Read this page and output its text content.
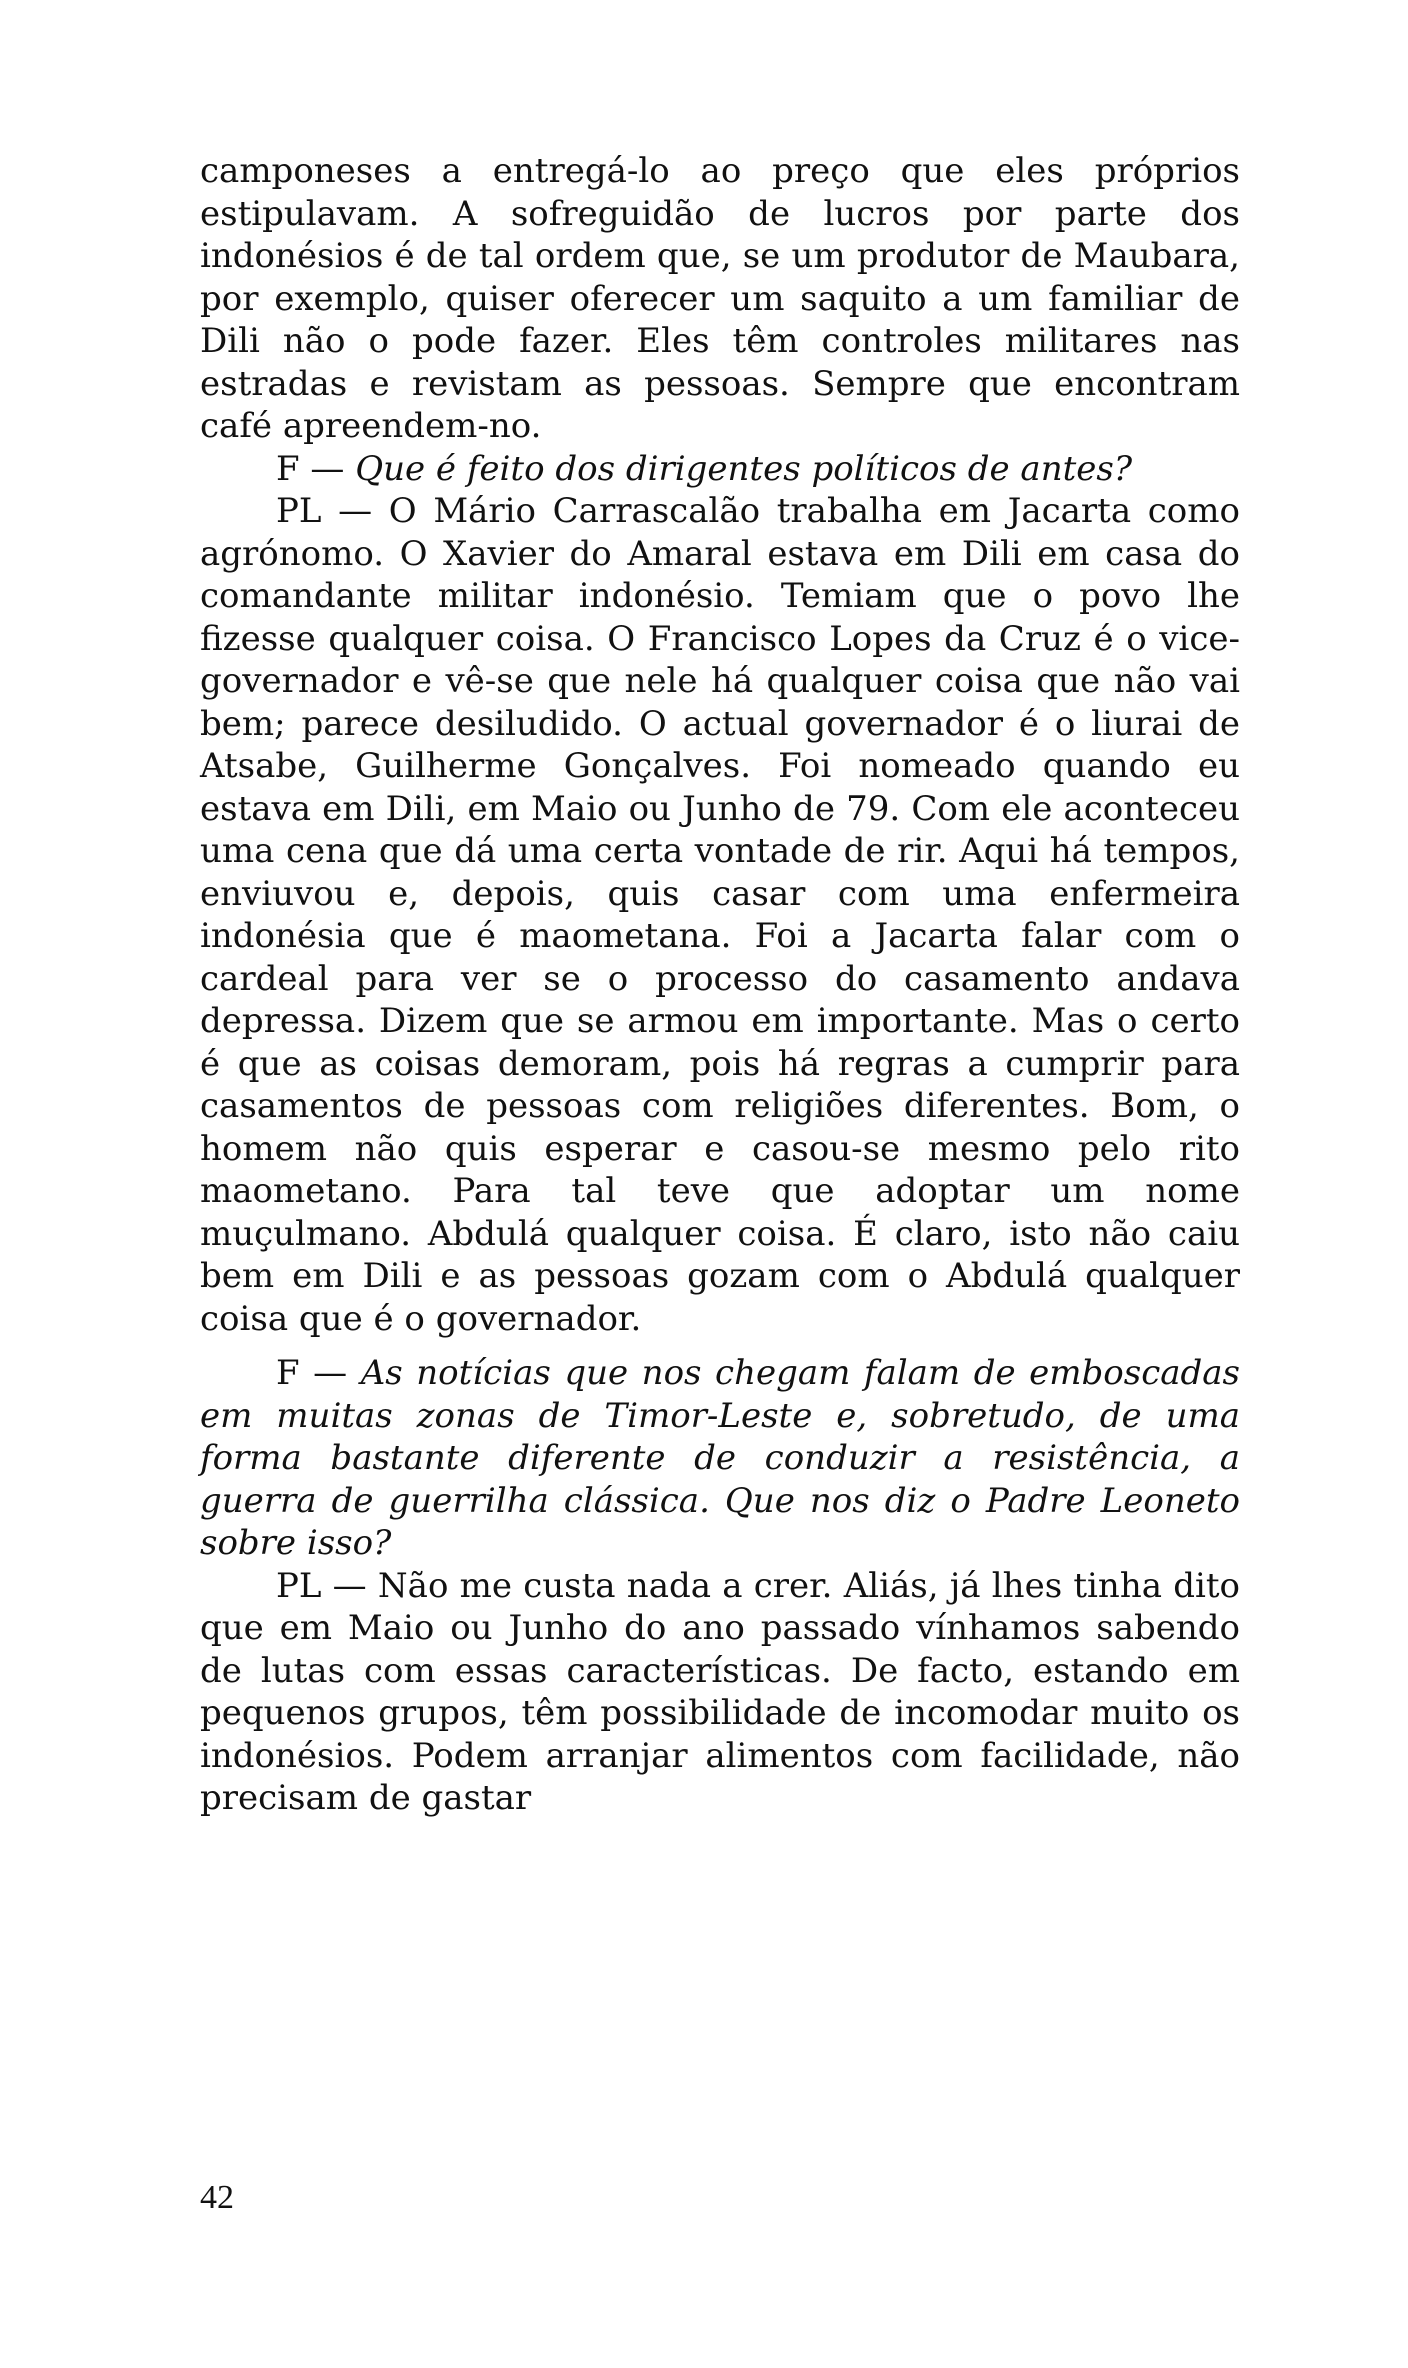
camponeses a entregá-lo ao preço que eles próprios estipulavam. A sofreguidão de lucros por parte dos indonésios é de tal ordem que, se um produtor de Maubara, por exemplo, quiser oferecer um saquito a um familiar de Dili não o pode fazer. Eles têm controles militares nas estradas e revistam as pessoas. Sempre que encontram café apreendem-no.

F — Que é feito dos dirigentes políticos de antes?

PL — O Mário Carrascalão trabalha em Jacarta como agrónomo. O Xavier do Amaral estava em Dili em casa do comandante militar indonésio. Temiam que o povo lhe fizesse qualquer coisa. O Francisco Lopes da Cruz é o vice-governador e vê-se que nele há qualquer coisa que não vai bem; parece desiludido. O actual governador é o liurai de Atsabe, Guilherme Gonçalves. Foi nomeado quando eu estava em Dili, em Maio ou Junho de 79. Com ele aconteceu uma cena que dá uma certa vontade de rir. Aqui há tempos, enviuvou e, depois, quis casar com uma enfermeira indonésia que é maometana. Foi a Jacarta falar com o cardeal para ver se o processo do casamento andava depressa. Dizem que se armou em importante. Mas o certo é que as coisas demoram, pois há regras a cumprir para casamentos de pessoas com religiões diferentes. Bom, o homem não quis esperar e casou-se mesmo pelo rito maometano. Para tal teve que adoptar um nome muçulmano. Abdulá qualquer coisa. É claro, isto não caiu bem em Dili e as pessoas gozam com o Abdulá qualquer coisa que é o governador.

F — As notícias que nos chegam falam de emboscadas em muitas zonas de Timor-Leste e, sobretudo, de uma forma bastante diferente de conduzir a resistência, a guerra de guerrilha clássica. Que nos diz o Padre Leoneto sobre isso?

PL — Não me custa nada a crer. Aliás, já lhes tinha dito que em Maio ou Junho do ano passado vínhamos sabendo de lutas com essas características. De facto, estando em pequenos grupos, têm possibilidade de incomodar muito os indonésios. Podem arranjar alimentos com facilidade, não precisam de gastar

42
